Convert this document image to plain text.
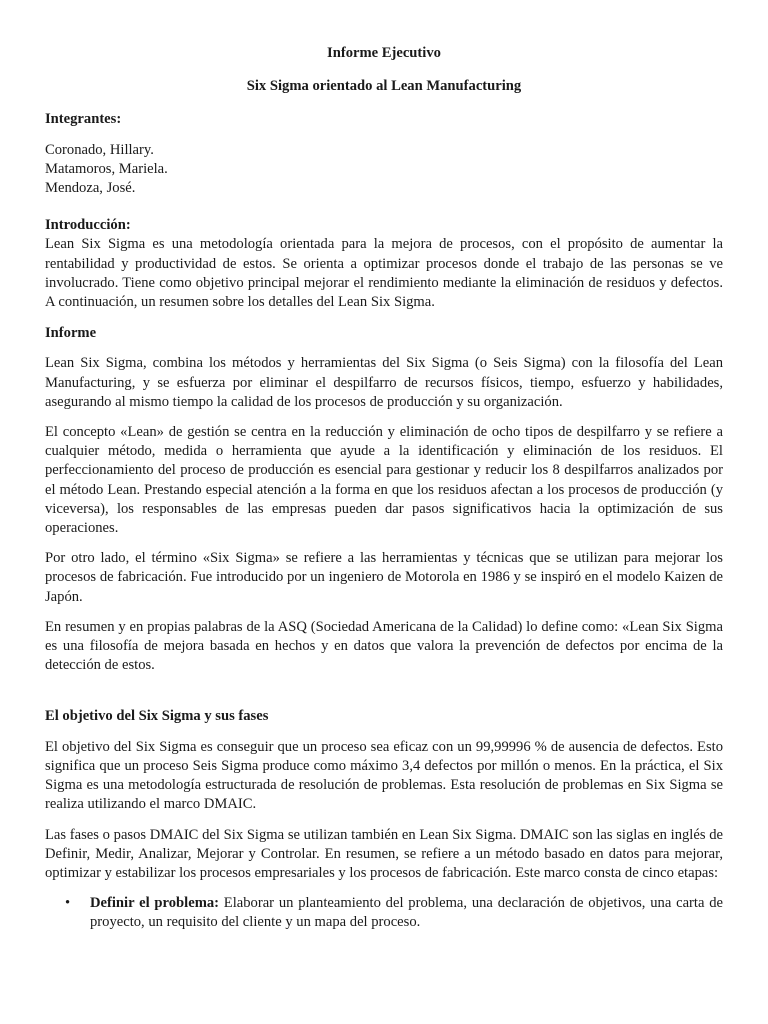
Informe Ejecutivo

Six Sigma orientado al Lean Manufacturing

Integrantes:

Coronado, Hillary.

Matamoros, Mariela.

Mendoza, José.

Introducción:

Lean Six Sigma es una metodología orientada para la mejora de procesos, con el propósito de aumentar la rentabilidad y productividad de estos. Se orienta a optimizar procesos donde el trabajo de las personas se ve involucrado. Tiene como objetivo principal mejorar el rendimiento mediante la eliminación de residuos y defectos. A continuación, un resumen sobre los detalles del Lean Six Sigma.

Informe

Lean Six Sigma, combina los métodos y herramientas del Six Sigma (o Seis Sigma) con la filosofía del Lean Manufacturing, y se esfuerza por eliminar el despilfarro de recursos físicos, tiempo, esfuerzo y habilidades, asegurando al mismo tiempo la calidad de los procesos de producción y su organización.

El concepto «Lean» de gestión se centra en la reducción y eliminación de ocho tipos de despilfarro y se refiere a cualquier método, medida o herramienta que ayude a la identificación y eliminación de los residuos. El perfeccionamiento del proceso de producción es esencial para gestionar y reducir los 8 despilfarros analizados por el método Lean. Prestando especial atención a la forma en que los residuos afectan a los procesos de producción (y viceversa), los responsables de las empresas pueden dar pasos significativos hacia la optimización de sus operaciones.

Por otro lado, el término «Six Sigma» se refiere a las herramientas y técnicas que se utilizan para mejorar los procesos de fabricación. Fue introducido por un ingeniero de Motorola en 1986 y se inspiró en el modelo Kaizen de Japón.

En resumen y en propias palabras de la ASQ (Sociedad Americana de la Calidad) lo define como: «Lean Six Sigma es una filosofía de mejora basada en hechos y en datos que valora la prevención de defectos por encima de la detección de estos.

El objetivo del Six Sigma y sus fases

El objetivo del Six Sigma es conseguir que un proceso sea eficaz con un 99,99996 % de ausencia de defectos. Esto significa que un proceso Seis Sigma produce como máximo 3,4 defectos por millón o menos. En la práctica, el Six Sigma es una metodología estructurada de resolución de problemas. Esta resolución de problemas en Six Sigma se realiza utilizando el marco DMAIC.

Las fases o pasos DMAIC del Six Sigma se utilizan también en Lean Six Sigma. DMAIC son las siglas en inglés de Definir, Medir, Analizar, Mejorar y Controlar. En resumen, se refiere a un método basado en datos para mejorar, optimizar y estabilizar los procesos empresariales y los procesos de fabricación. Este marco consta de cinco etapas:

• Definir el problema: Elaborar un planteamiento del problema, una declaración de objetivos, una carta de proyecto, un requisito del cliente y un mapa del proceso.
